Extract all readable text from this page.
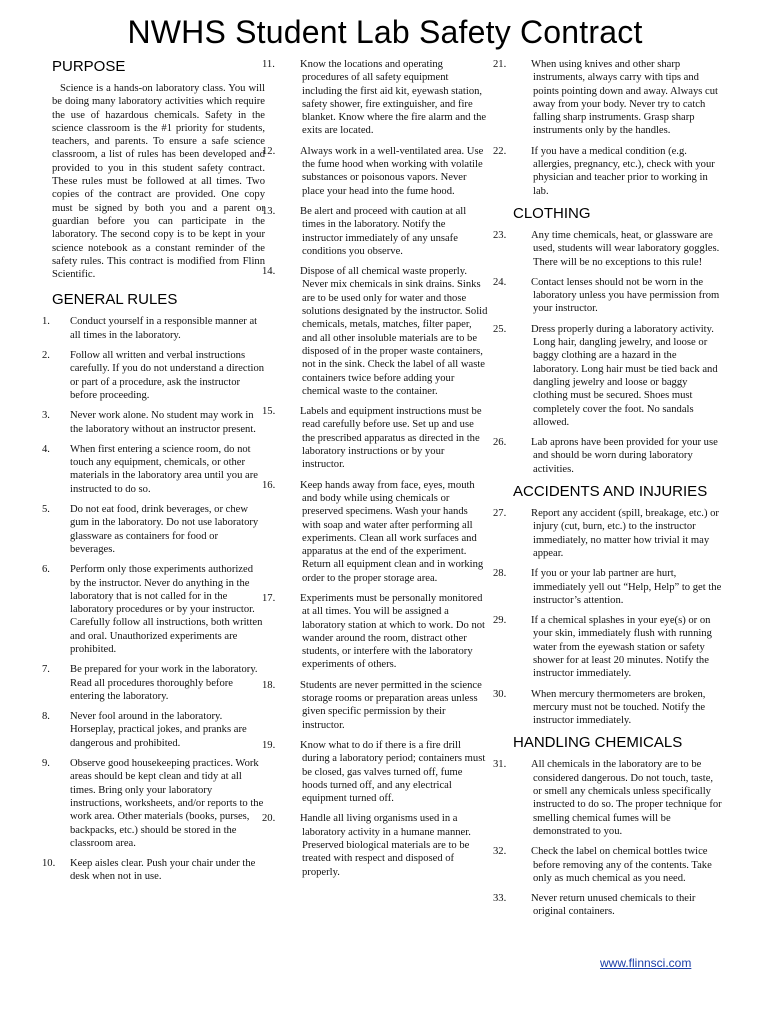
NWHS Student Lab Safety Contract
PURPOSE

Science is a hands-on laboratory class. You will be doing many laboratory activities which require the use of hazardous chemicals. Safety in the science classroom is the #1 priority for students, teachers, and parents. To ensure a safe science classroom, a list of rules has been developed and provided to you in this student safety contract. These rules must be followed at all times. Two copies of the contract are provided. One copy must be signed by both you and a parent or guardian before you can participate in the laboratory. The second copy is to be kept in your science notebook as a constant reminder of the safety rules. This contract is modified from Flinn Scientific.

GENERAL RULES
1. Conduct yourself in a responsible manner at all times in the laboratory.
2. Follow all written and verbal instructions carefully. If you do not understand a direction or part of a procedure, ask the instructor before proceeding.
3. Never work alone. No student may work in the laboratory without an instructor present.
4. When first entering a science room, do not touch any equipment, chemicals, or other materials in the laboratory area until you are instructed to do so.
5. Do not eat food, drink beverages, or chew gum in the laboratory. Do not use laboratory glassware as containers for food or beverages.
6. Perform only those experiments authorized by the instructor. Never do anything in the laboratory that is not called for in the laboratory procedures or by your instructor. Carefully follow all instructions, both written and oral. Unauthorized experiments are prohibited.
7. Be prepared for your work in the laboratory. Read all procedures thoroughly before entering the laboratory.
8. Never fool around in the laboratory. Horseplay, practical jokes, and pranks are dangerous and prohibited.
9. Observe good housekeeping practices. Work areas should be kept clean and tidy at all times. Bring only your laboratory instructions, worksheets, and/or reports to the work area. Other materials (books, purses, backpacks, etc.) should be stored in the classroom area.
10. Keep aisles clear. Push your chair under the desk when not in use.
11. Know the locations and operating procedures of all safety equipment including the first aid kit, eyewash station, safety shower, fire extinguisher, and fire blanket. Know where the fire alarm and the exits are located.
12. Always work in a well-ventilated area. Use the fume hood when working with volatile substances or poisonous vapors. Never place your head into the fume hood.
13. Be alert and proceed with caution at all times in the laboratory. Notify the instructor immediately of any unsafe conditions you observe.
14. Dispose of all chemical waste properly. Never mix chemicals in sink drains. Sinks are to be used only for water and those solutions designated by the instructor. Solid chemicals, metals, matches, filter paper, and all other insoluble materials are to be disposed of in the proper waste containers, not in the sink. Check the label of all waste containers twice before adding your chemical waste to the container.
15. Labels and equipment instructions must be read carefully before use. Set up and use the prescribed apparatus as directed in the laboratory instructions or by your instructor.
16. Keep hands away from face, eyes, mouth and body while using chemicals or preserved specimens. Wash your hands with soap and water after performing all experiments. Clean all work surfaces and apparatus at the end of the experiment. Return all equipment clean and in working order to the proper storage area.
17. Experiments must be personally monitored at all times. You will be assigned a laboratory station at which to work. Do not wander around the room, distract other students, or interfere with the laboratory experiments of others.
18. Students are never permitted in the science storage rooms or preparation areas unless given specific permission by their instructor.
19. Know what to do if there is a fire drill during a laboratory period; containers must be closed, gas valves turned off, fume hoods turned off, and any electrical equipment turned off.
20. Handle all living organisms used in a laboratory activity in a humane manner. Preserved biological materials are to be treated with respect and disposed of properly.
21. When using knives and other sharp instruments, always carry with tips and points pointing down and away. Always cut away from your body. Never try to catch falling sharp instruments. Grasp sharp instruments only by the handles.
22. If you have a medical condition (e.g. allergies, pregnancy, etc.), check with your physician and teacher prior to working in lab.
CLOTHING
23. Any time chemicals, heat, or glassware are used, students will wear laboratory goggles. There will be no exceptions to this rule!
24. Contact lenses should not be worn in the laboratory unless you have permission from your instructor.
25. Dress properly during a laboratory activity. Long hair, dangling jewelry, and loose or baggy clothing are a hazard in the laboratory. Long hair must be tied back and dangling jewelry and loose or baggy clothing must be secured. Shoes must completely cover the foot. No sandals allowed.
26. Lab aprons have been provided for your use and should be worn during laboratory activities.
ACCIDENTS AND INJURIES
27. Report any accident (spill, breakage, etc.) or injury (cut, burn, etc.) to the instructor immediately, no matter how trivial it may appear.
28. If you or your lab partner are hurt, immediately yell out “Help, Help” to get the instructor’s attention.
29. If a chemical splashes in your eye(s) or on your skin, immediately flush with running water from the eyewash station or safety shower for at least 20 minutes. Notify the instructor immediately.
30. When mercury thermometers are broken, mercury must not be touched. Notify the instructor immediately.
HANDLING CHEMICALS
31. All chemicals in the laboratory are to be considered dangerous. Do not touch, taste, or smell any chemicals unless specifically instructed to do so. The proper technique for smelling chemical fumes will be demonstrated to you.
32. Check the label on chemical bottles twice before removing any of the contents. Take only as much chemical as you need.
33. Never return unused chemicals to their original containers.
www.flinnsci.com
